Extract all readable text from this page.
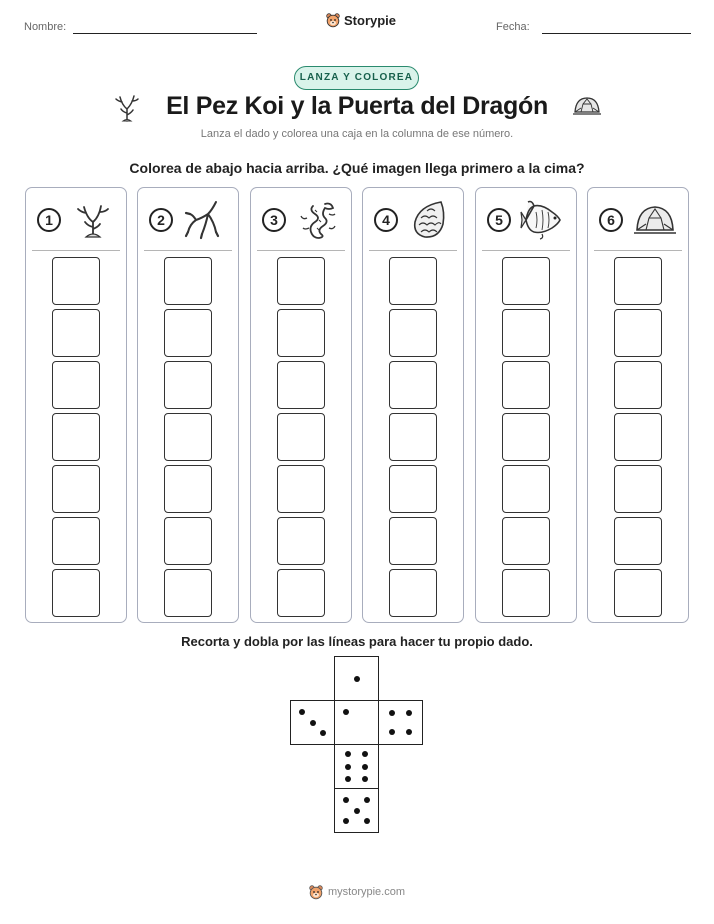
Nombre:	Storypie	Fecha:
LANZA Y COLOREA
El Pez Koi y la Puerta del Dragón
Lanza el dado y colorea una caja en la columna de ese número.
Colorea de abajo hacia arriba. ¿Qué imagen llega primero a la cima?
1	2	3	4	5	6
Recorta y dobla por las líneas para hacer tu propio dado.
mystorypie.com
